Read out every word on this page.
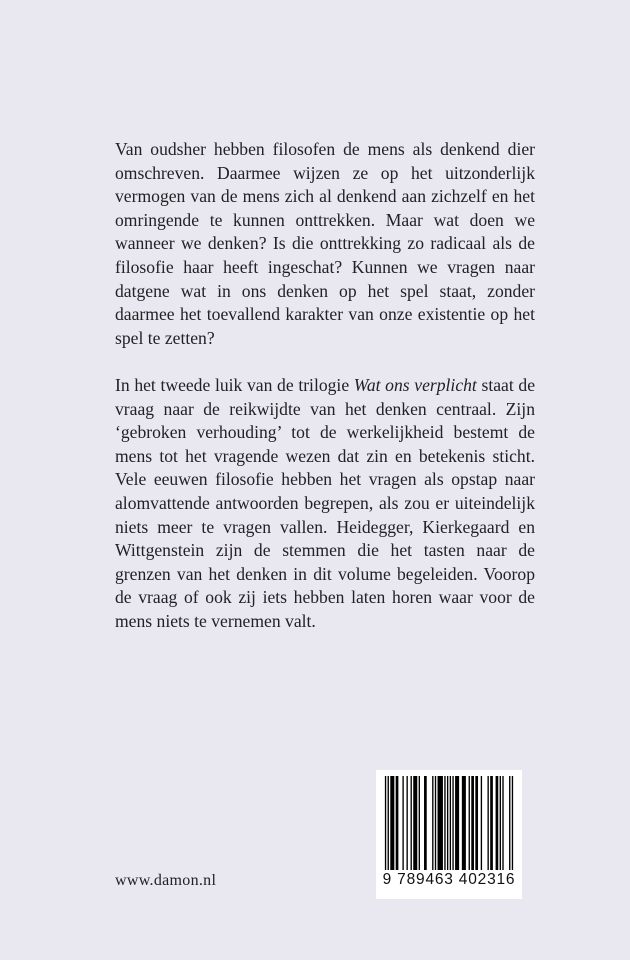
Van oudsher hebben filosofen de mens als denkend dier omschreven. Daarmee wijzen ze op het uitzonderlijk vermogen van de mens zich al denkend aan zichzelf en het omringende te kunnen onttrekken. Maar wat doen we wanneer we denken? Is die onttrekking zo radicaal als de filosofie haar heeft ingeschat? Kunnen we vragen naar datgene wat in ons denken op het spel staat, zonder daarmee het toevallend karakter van onze existentie op het spel te zetten?

In het tweede luik van de trilogie Wat ons verplicht staat de vraag naar de reikwijdte van het denken centraal. Zijn ‘gebroken verhouding’ tot de werkelijkheid bestemt de mens tot het vragende wezen dat zin en betekenis sticht. Vele eeuwen filosofie hebben het vragen als opstap naar alomvattende antwoorden begrepen, als zou er uiteindelijk niets meer te vragen vallen. Heidegger, Kierkegaard en Wittgenstein zijn de stemmen die het tasten naar de grenzen van het denken in dit volume begeleiden. Voorop de vraag of ook zij iets hebben laten horen waar voor de mens niets te vernemen valt.

www.damon.nl	9 789463 402316
